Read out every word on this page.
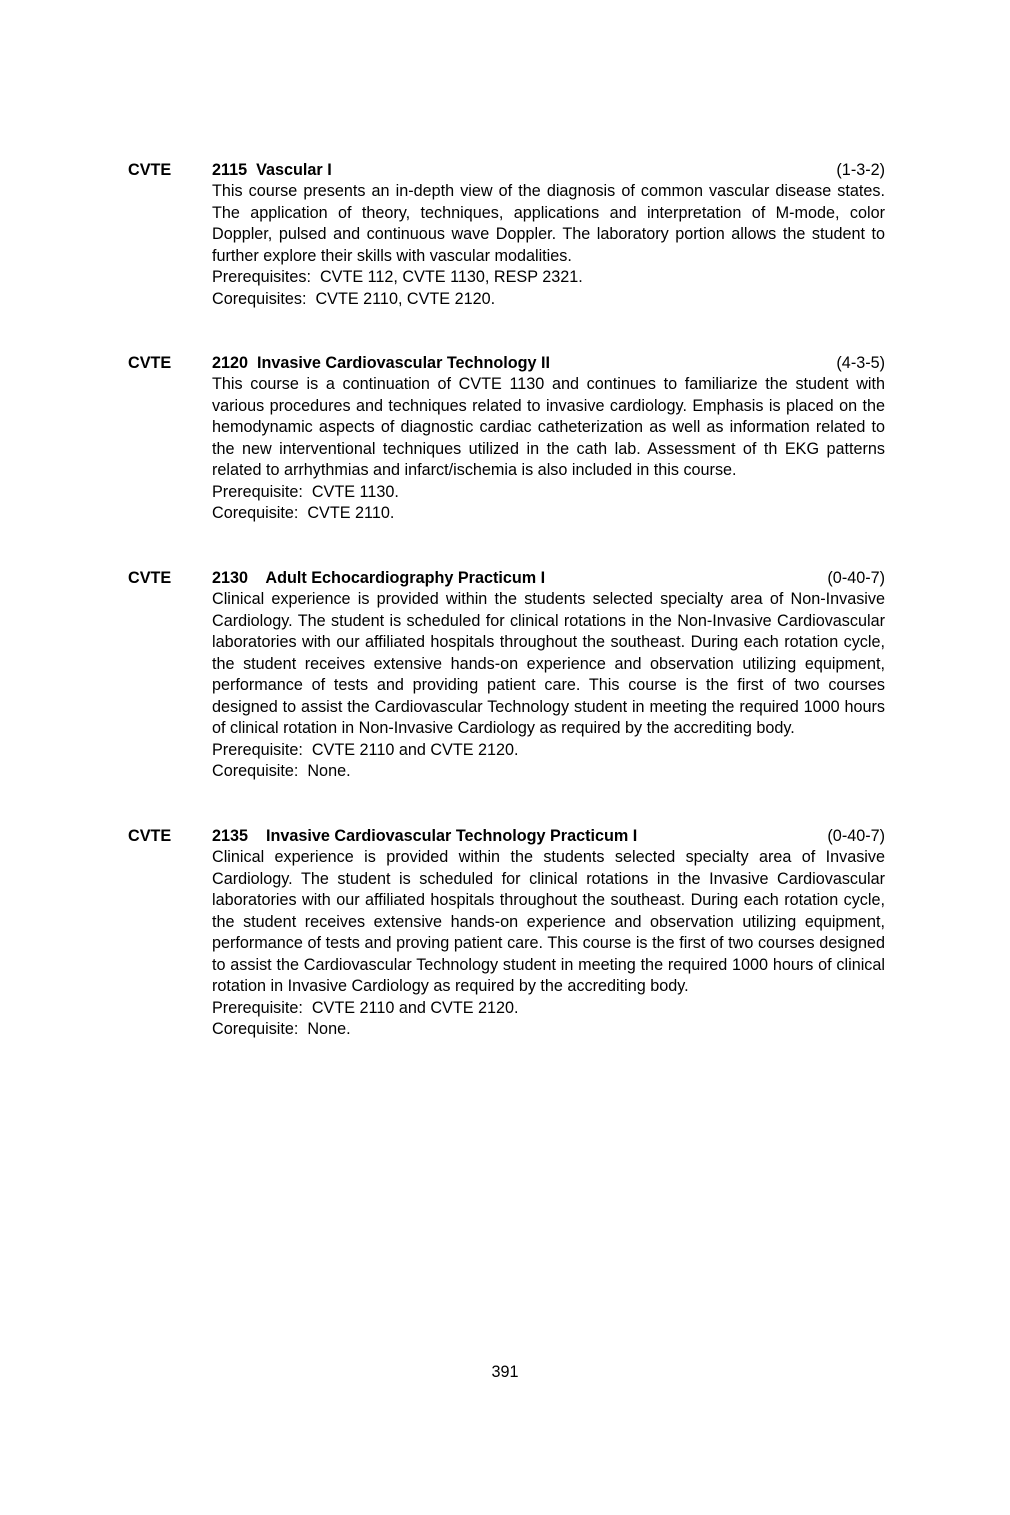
CVTE	2115  Vascular I	(1-3-2)

This course presents an in-depth view of the diagnosis of common vascular disease states. The application of theory, techniques, applications and interpretation of M-mode, color Doppler, pulsed and continuous wave Doppler. The laboratory portion allows the student to further explore their skills with vascular modalities.

Prerequisites:  CVTE 112, CVTE 1130, RESP 2321.

Corequisites:  CVTE 2110, CVTE 2120.

CVTE	2120  Invasive Cardiovascular Technology II	(4-3-5)

This course is a continuation of CVTE 1130 and continues to familiarize the student with various procedures and techniques related to invasive cardiology. Emphasis is placed on the hemodynamic aspects of diagnostic cardiac catheterization as well as information related to the new interventional techniques utilized in the cath lab. Assessment of th EKG patterns related to arrhythmias and infarct/ischemia is also included in this course.

Prerequisite:  CVTE 1130.

Corequisite:  CVTE 2110.

CVTE	2130    Adult Echocardiography Practicum I	(0-40-7)

Clinical experience is provided within the students selected specialty area of Non-Invasive Cardiology. The student is scheduled for clinical rotations in the Non-Invasive Cardiovascular laboratories with our affiliated hospitals throughout the southeast. During each rotation cycle, the student receives extensive hands-on experience and observation utilizing equipment, performance of tests and providing patient care. This course is the first of two courses designed to assist the Cardiovascular Technology student in meeting the required 1000 hours of clinical rotation in Non-Invasive Cardiology as required by the accrediting body.

Prerequisite:  CVTE 2110 and CVTE 2120.

Corequisite:  None.

CVTE	2135    Invasive Cardiovascular Technology Practicum I	(0-40-7)

Clinical experience is provided within the students selected specialty area of Invasive Cardiology. The student is scheduled for clinical rotations in the Invasive Cardiovascular laboratories with our affiliated hospitals throughout the southeast. During each rotation cycle, the student receives extensive hands-on experience and observation utilizing equipment, performance of tests and proving patient care. This course is the first of two courses designed to assist the Cardiovascular Technology student in meeting the required 1000 hours of clinical rotation in Invasive Cardiology as required by the accrediting body.

Prerequisite:  CVTE 2110 and CVTE 2120.

Corequisite:  None.

391
